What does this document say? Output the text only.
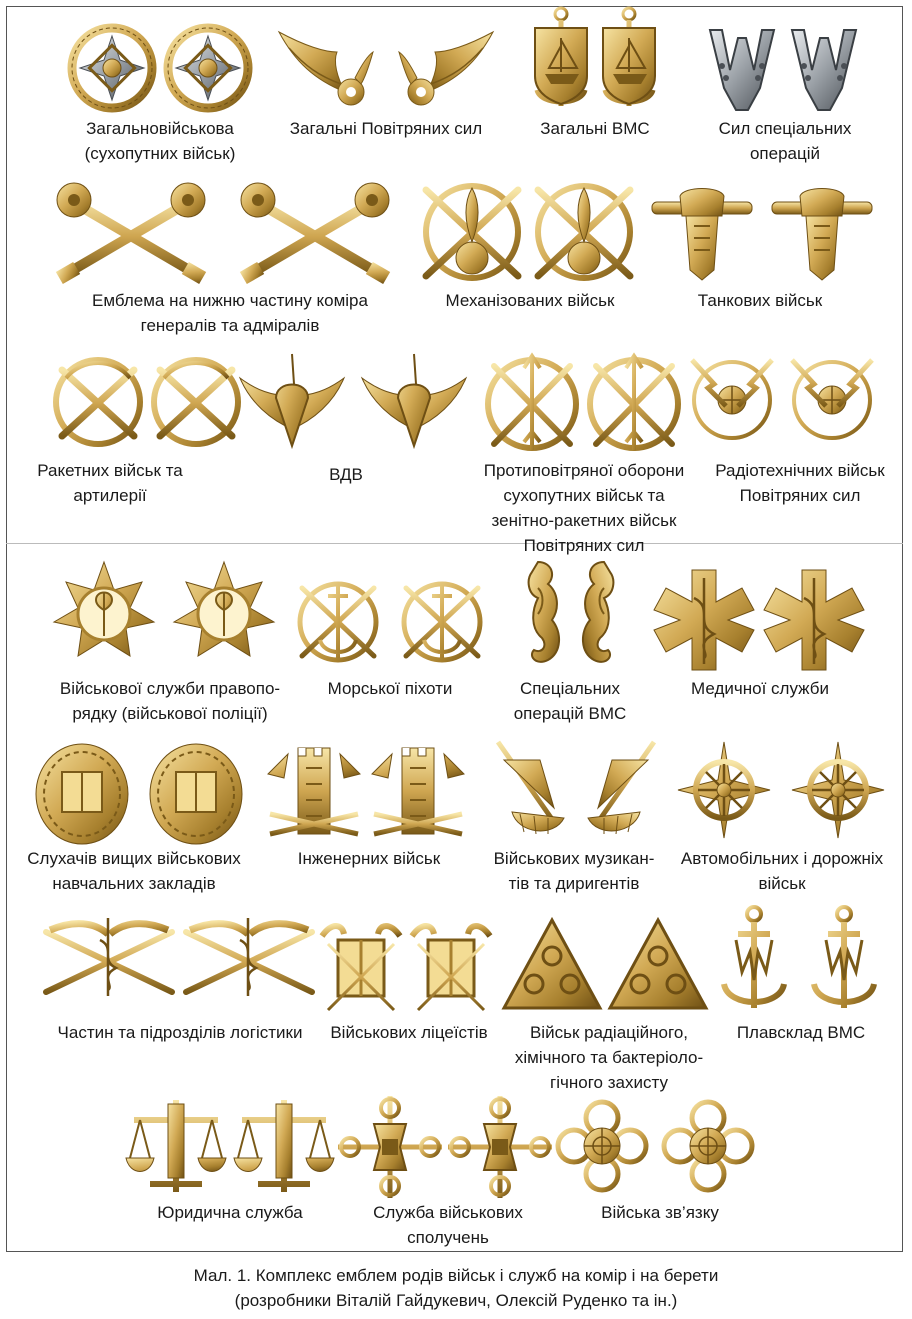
Загальновійськова
(сухопутних військ)
Загальні Повітряних сил	Загальні ВМС	Сил спеціальних
операцій
Емблема на нижню частину коміра
генералів та адміралів
Механізованих військ	Танкових військ
Ракетних військ та
артилерії
ВДВ	Протиповітряної оборони
сухопутних військ та
зенітно-ракетних військ
Повітряних сил
Радіотехнічних військ
Повітряних сил
Військової служби правопо-
рядку (військової поліції)
Морської піхоти	Спеціальних
операцій ВМС
Медичної служби
Слухачів вищих військових
навчальних закладів
Інженерних військ	Військових музикан-
тів та диригентів
Автомобільних і дорожніх
військ
Частин та підрозділів логістики	Військових ліцеїстів	Військ радіаційного,
хімічного та бактеріоло-
гічного захисту
Плавсклад ВМС
Юридична служба	Служба військових
сполучень
Війська зв’язку
Мал. 1. Комплекс емблем родів військ і служб на комір і на берети
(розробники Віталій Гайдукевич, Олексій Руденко та ін.)
